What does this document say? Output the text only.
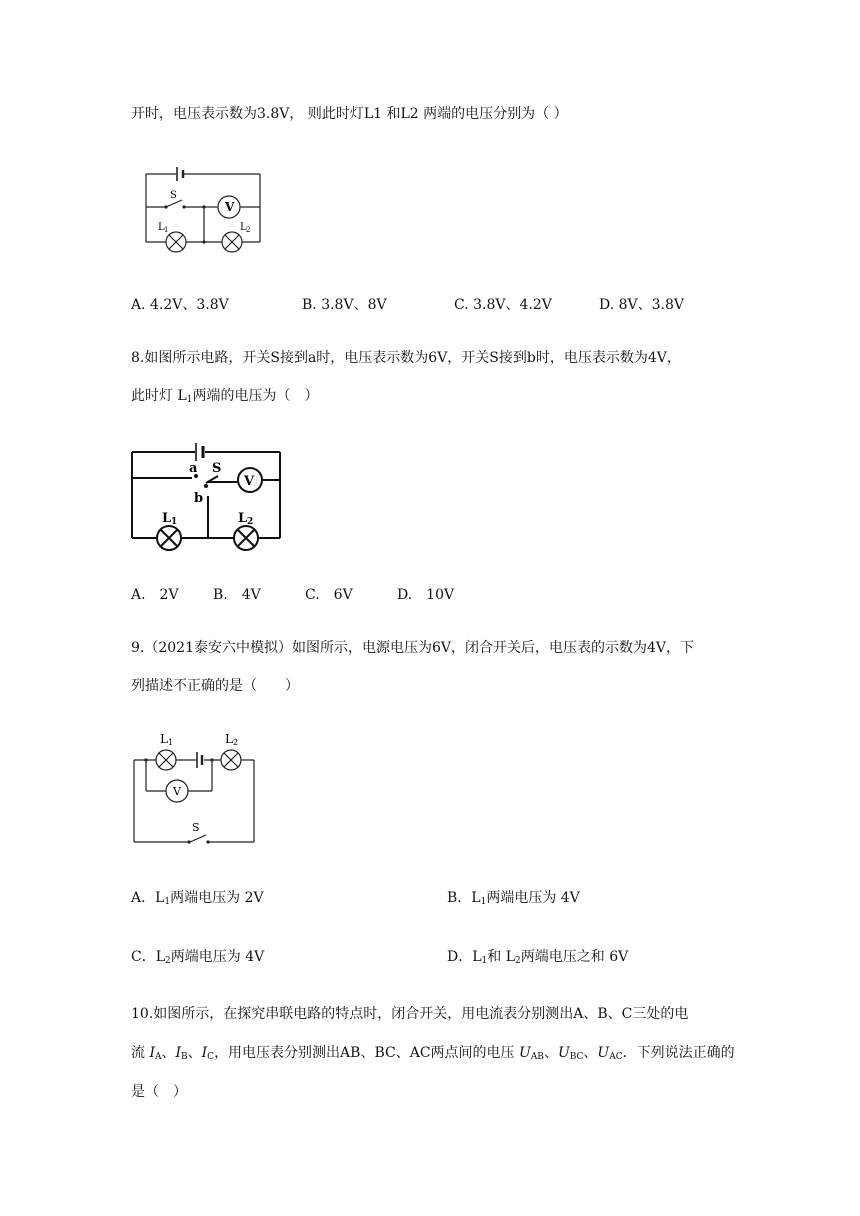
开时，电压表示数为3.8V， 则此时灯L1 和L2 两端的电压分别为（ ）
S
V
L 1	L 2
A. 4.2V、3.8V	B. 3.8V、8V	C. 3.8V、4.2V	D. 8V、3.8V
8.如图所示电路，开关S接到a时，电压表示数为6V，开关S接到b时，电压表示数为4V，
此时灯 $L_1$两端的电压为（　）
a
b
S
V
L 1	L 2
A.　2V B.　4V	C.　6V	D.　10V
9.（2021泰安六中模拟）如图所示，电源电压为6V，闭合开关后，电压表的示数为4V，下
列描述不正确的是（　　）
L 1	L 2
V
S
A．$L_1$两端电压为 2V	B．$L_1$两端电压为 4V
C．$L_2$两端电压为 4V	D．$L_1$和 $L_2$两端电压之和 6V
10.如图所示，在探究串联电路的特点时，闭合开关，用电流表分别测出A、B、C三处的电
流 $I_A$、$I_B$、$I_C$，用电压表分别测出AB、BC、AC两点间的电压 $U_{AB}$、$U_{BC}$、$U_{AC}$．下列说法正确的
是（　）
